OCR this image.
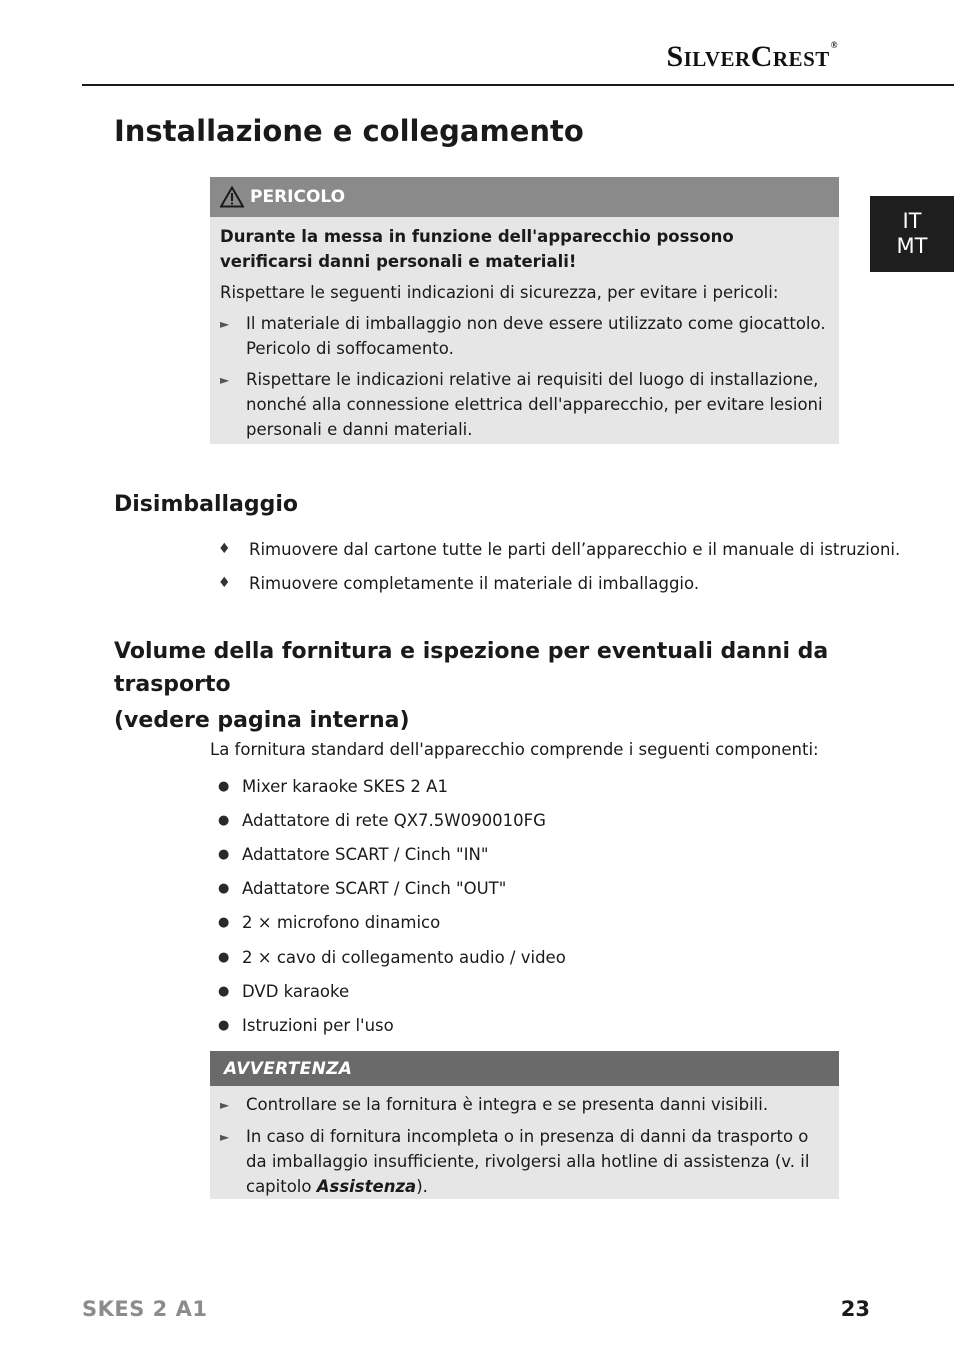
SilverCrest®
IT
MT
Installazione e collegamento
PERICOLO
Durante la messa in funzione dell'apparecchio possono verificarsi danni personali e materiali!
Rispettare le seguenti indicazioni di sicurezza, per evitare i pericoli:
►	Il materiale di imballaggio non deve essere utilizzato come giocattolo. Pericolo di soffocamento.
►	Rispettare le indicazioni relative ai requisiti del luogo di installazione, nonché alla connessione elettrica dell'apparecchio, per evitare lesioni personali e danni materiali.
Disimballaggio
♦	Rimuovere dal cartone tutte le parti dell’apparecchio e il manuale di istruzioni.
♦	Rimuovere completamente il materiale di imballaggio.
Volume della fornitura e ispezione per eventuali danni da trasporto
(vedere pagina interna)
La fornitura standard dell'apparecchio comprende i seguenti componenti:
● Mixer karaoke SKES 2 A1
● Adattatore di rete QX7.5W090010FG
● Adattatore SCART / Cinch "IN"
● Adattatore SCART / Cinch "OUT"
● 2 × microfono dinamico
● 2 × cavo di collegamento audio / video
● DVD karaoke
● Istruzioni per l'uso
AVVERTENZA
►	Controllare se la fornitura è integra e se presenta danni visibili.
►	In caso di fornitura incompleta o in presenza di danni da trasporto o da imballaggio insufficiente, rivolgersi alla hotline di assistenza (v. il capitolo Assistenza).
SKES 2 A1	23
